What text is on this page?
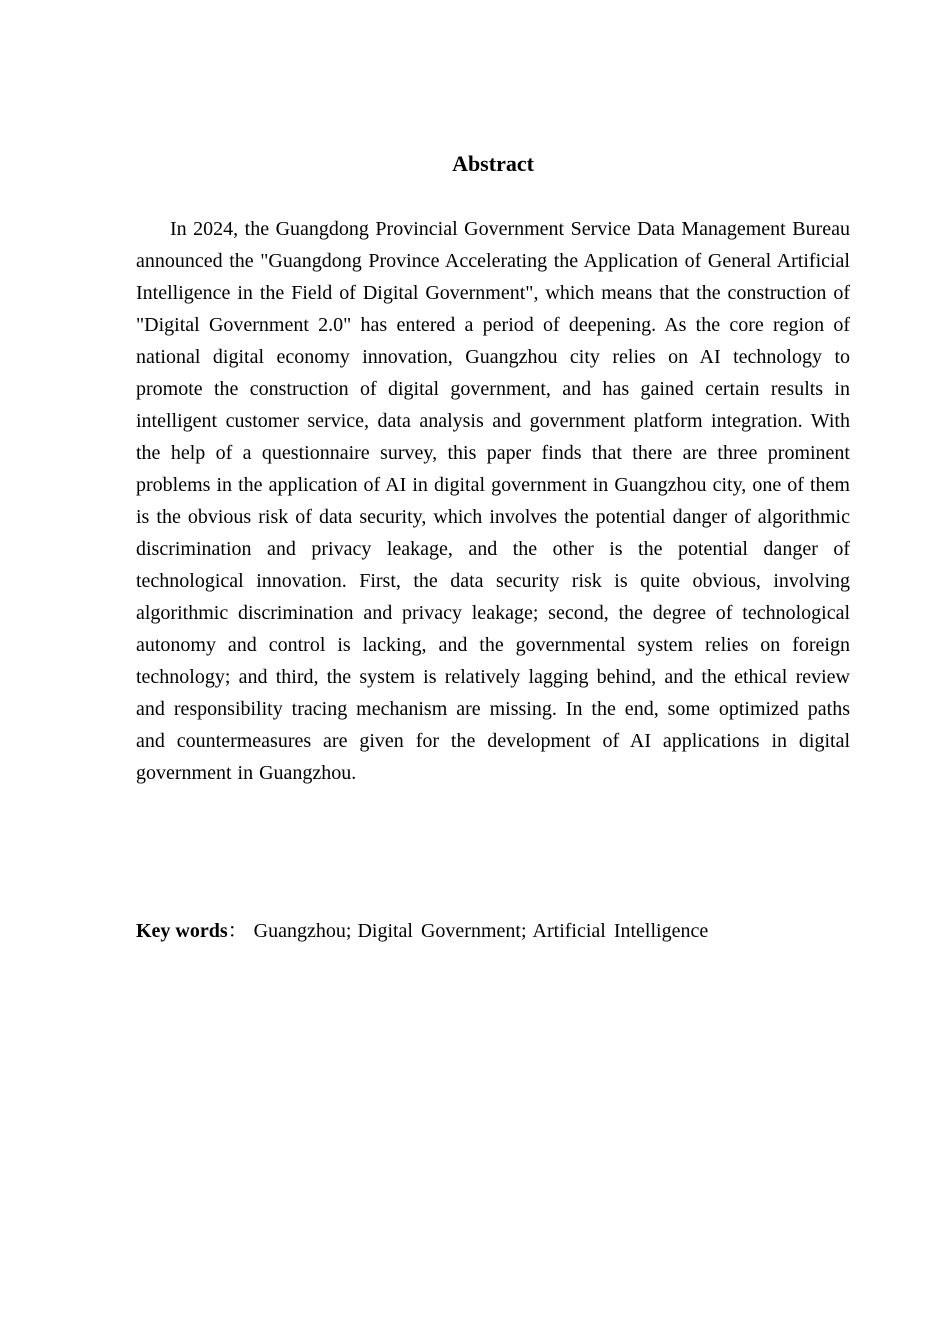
Abstract

In 2024, the Guangdong Provincial Government Service Data Management Bureau announced the "Guangdong Province Accelerating the Application of General Artificial Intelligence in the Field of Digital Government", which means that the construction of "Digital Government 2.0" has entered a period of deepening. As the core region of national digital economy innovation, Guangzhou city relies on AI technology to promote the construction of digital government, and has gained certain results in intelligent customer service, data analysis and government platform integration. With the help of a questionnaire survey, this paper finds that there are three prominent problems in the application of AI in digital government in Guangzhou city, one of them is the obvious risk of data security, which involves the potential danger of algorithmic discrimination and privacy leakage, and the other is the potential danger of technological innovation. First, the data security risk is quite obvious, involving algorithmic discrimination and privacy leakage; second, the degree of technological autonomy and control is lacking, and the governmental system relies on foreign technology; and third, the system is relatively lagging behind, and the ethical review and responsibility tracing mechanism are missing. In the end, some optimized paths and countermeasures are given for the development of AI applications in digital government in Guangzhou.

Key words： Guangzhou; Digital Government; Artificial Intelligence
